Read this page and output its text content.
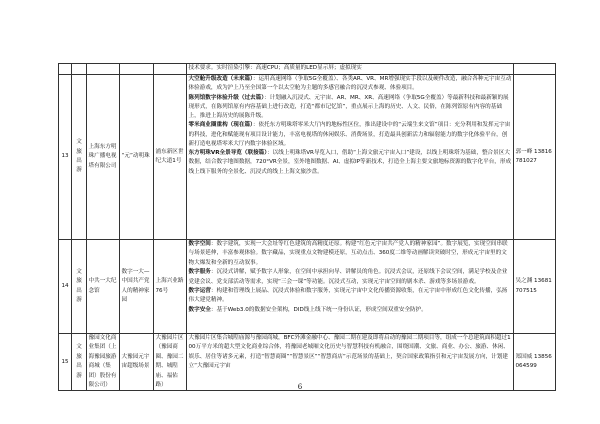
					技术要求。实时渲染引擎：高速CPU；高质量的LED显示屏；虚拟现实	
13	文旅出游	上海东方明珠广播电视塔有限公司	“元”动明珠	浦东新区世纪大道1号	大空舱升级改造（未来篇）：运用高速网络（争取5G全覆盖）、各类AR、VR、MR增强现实手段以及硬件改造，融合各种元宇宙互动体验游戏，成为沪上乃至全国第一个以太空舱为主题的多感官融合的沉浸式参观、体验项目。

陈列馆数字体验升级（过去篇）：计划融入沉浸式、元宇宙、AR、MR、XR、高速网络（争取5G全覆盖）等最新科技和最新颖的展现形式，在陈列馆原有内容基础上进行改造，打造“都市记忆馆”，重点展示上海的历史、人文、民俗，在陈列馆原有内容的基础上，推进上海历史的展陈升级。

零米商业圈重构（现在篇）：依托东方明珠塔零米大厅内的地标性区位，推出建设中的“云端生来文馆”项目：充分利用和发挥元宇宙的科技，进化和赋能现有项目设计能力，丰富电视塔的休闲娱乐、消费场景，打造最具创新活力和辐射能力的数字化体验平台，创新打造电视塔零米大厅内数字体验区域。

东方明珠VR全景导览（联接篇）：以线上明珠塔VR导览入口，借助“上海文旅元宇宙入口”建设，以线上明珠塔为基础，整合景区大数据，结合数字地图数据，720°VR全景，室外地图数据、AI、虚拟IP等新技术，打造全上海主要文旅地标资源的数字化平台，形成线上线下服务的全景化、沉浸式的线上上海文旅沙盘。	郭一峰 13816781027
14	文旅出游	中共一大纪念馆	数字一大—中国共产党人的精神家园	上海兴业路76号	数字空间：数字建筑，实现一大会址等红色建筑的高精度还原。构建“红色元宇宙共产党人的精神家园”。数字展览，实现空间串联与场景延伸，丰富参观体验。数字藏品，实现重点文物建模还原，互动点击、360度二维等动画解读突破时空，形成元宇宙里的文物大爆发和全新的互动叙事。

数字服务：沉浸式讲解，赋予数字人形象，在空间中承担向导、讲解员的角色。沉浸式会议，还原线下会议空间，满足学校及企业党建会议、党支部活动等需求，实现“三会一课”等功能。沉浸式互动，实现元宇宙空间的剧本杀、游戏等多场景游戏。

数字运营：构建和管理线上展品、沉浸式体验和数字服务，实现元宇宙中文化传播资源收集，在元宇宙中形成红色文化传播，弘扬伟大建党精神。

数字安全：基于Web3.0的数据安全架构，DID线上线下统一身份认证，形成空间双重安全防护。	吴之渊 13681707515
15	文旅出游	豫园文化商业集团（上海豫园旅游商城（集团）股份有限公司）	大豫园元宇宙超级场景	大豫园片区（豫园商圈、豫园二期、城隍庙、福佑路）	大豫园片区集合城隍庙源与豫园商城，BFC外滩金融中心、豫园二期在建及即将启动的豫园二期项目等，组成一个总建筑面积超过100万平方米的超大型文化商业综合体，将豫园老城厢文化历史与智慧科技有机融合，围绕国潮、文旅、商业、办公、旅游、休闲、娱乐、居住等诸多元素，打造“智慧商圈”“智慧景区”“智慧商店”示范场景的基础上，契合国家政策指引和元宇宙发展方向，计划建立“大豫园元宇宙	郑国威 13856064599
6
